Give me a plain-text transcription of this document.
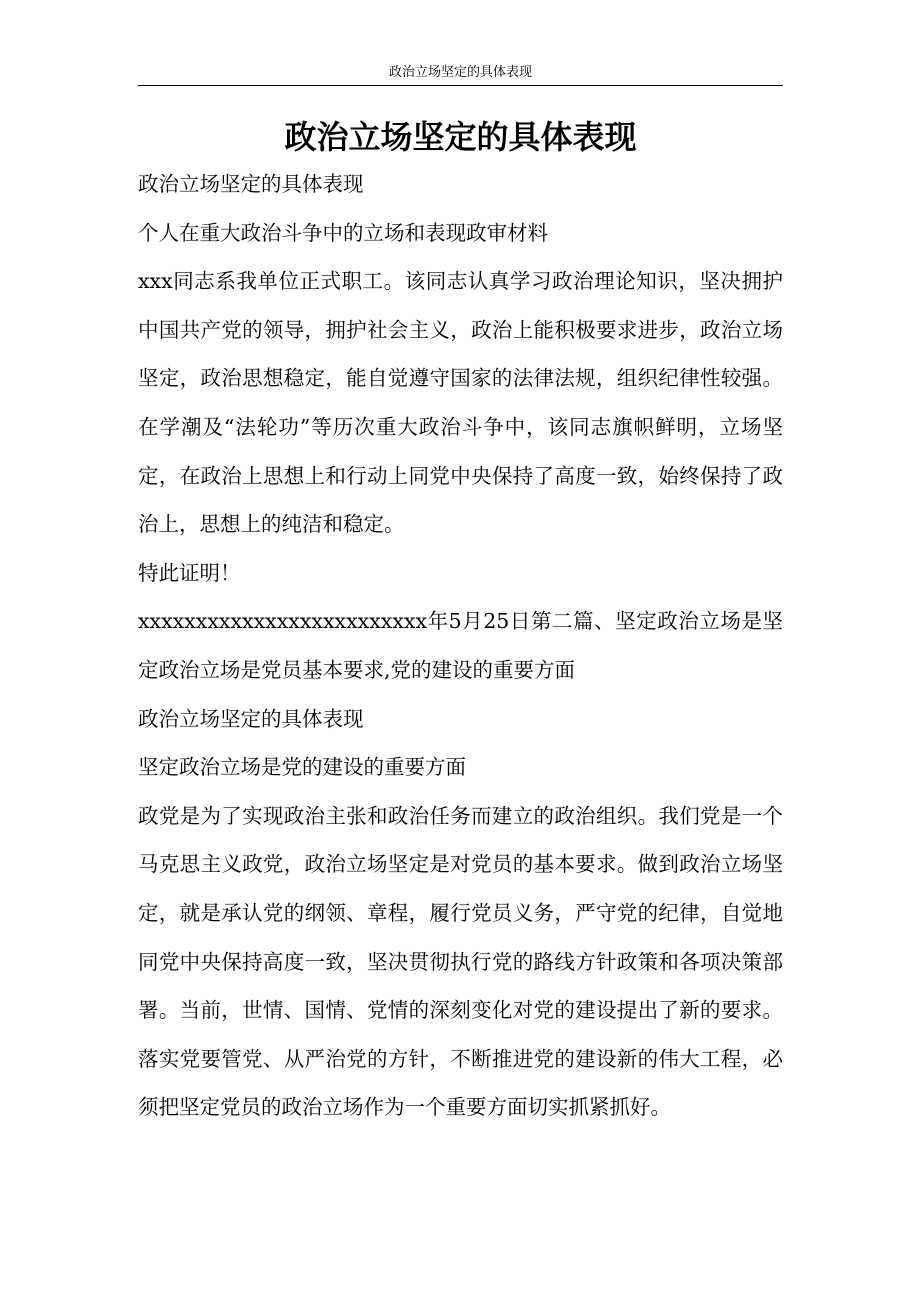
政治立场坚定的具体表现
政治立场坚定的具体表现

政治立场坚定的具体表现

个人在重大政治斗争中的立场和表现政审材料

xxx同志系我单位正式职工。该同志认真学习政治理论知识，坚决拥护中国共产党的领导，拥护社会主义，政治上能积极要求进步，政治立场坚定，政治思想稳定，能自觉遵守国家的法律法规，组织纪律性较强。在学潮及“法轮功”等历次重大政治斗争中，该同志旗帜鲜明，立场坚定，在政治上思想上和行动上同党中央保持了高度一致，始终保持了政治上，思想上的纯洁和稳定。

特此证明！

xxxxxxxxxxxxxxxxxxxxxxxxx年5月25日第二篇、坚定政治立场是坚定政治立场是党员基本要求,党的建设的重要方面

政治立场坚定的具体表现

坚定政治立场是党的建设的重要方面

政党是为了实现政治主张和政治任务而建立的政治组织。我们党是一个马克思主义政党，政治立场坚定是对党员的基本要求。做到政治立场坚定，就是承认党的纲领、章程，履行党员义务，严守党的纪律，自觉地同党中央保持高度一致，坚决贯彻执行党的路线方针政策和各项决策部署。当前，世情、国情、党情的深刻变化对党的建设提出了新的要求。落实党要管党、从严治党的方针，不断推进党的建设新的伟大工程，必须把坚定党员的政治立场作为一个重要方面切实抓紧抓好。
